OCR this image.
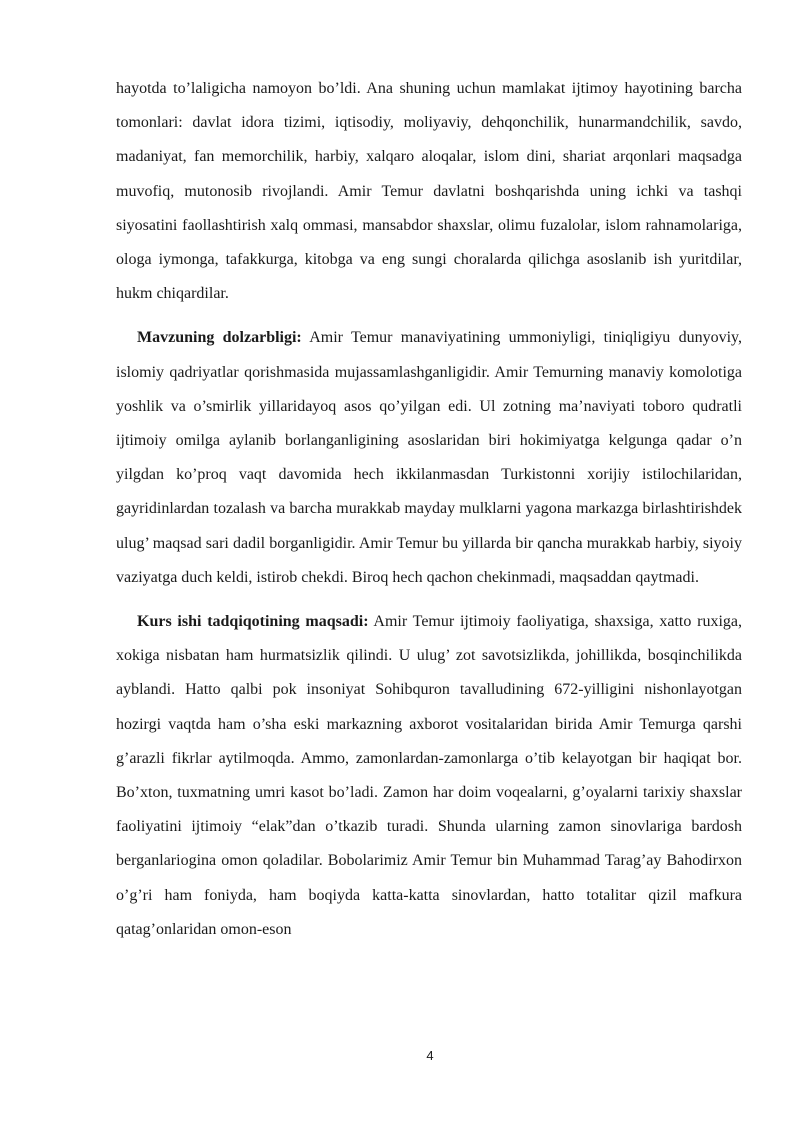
hayotda to’laligicha namoyon bo’ldi. Ana shuning uchun mamlakat ijtimoy hayotining barcha tomonlari: davlat idora tizimi, iqtisodiy, moliyaviy, dehqonchilik, hunarmandchilik, savdo, madaniyat, fan memorchilik, harbiy, xalqaro aloqalar, islom dini, shariat arqonlari maqsadga muvofiq, mutonosib rivojlandi. Amir Temur davlatni boshqarishda uning ichki va tashqi siyosatini faollashtirish xalq ommasi, mansabdor shaxslar, olimu fuzalolar, islom rahnamolariga, ologa iymonga, tafakkurga, kitobga va eng sungi choralarda qilichga asoslanib ish yuritdilar, hukm chiqardilar.

Mavzuning dolzarbligi: Amir Temur manaviyatining ummoniyligi, tiniqligiyu dunyoviy, islomiy qadriyatlar qorishmasida mujassamlashganligidir. Amir Temurning manaviy komolotiga yoshlik va o’smirlik yillaridayoq asos qo’yilgan edi. Ul zotning ma’naviyati toboro qudratli ijtimoiy omilga aylanib borlanganligining asoslaridan biri hokimiyatga kelgunga qadar o’n yilgdan ko’proq vaqt davomida hech ikkilanmasdan Turkistonni xorijiy istilochilaridan, gayridinlardan tozalash va barcha murakkab mayday mulklarni yagona markazga birlashtirishdek ulug’ maqsad sari dadil borganligidir. Amir Temur bu yillarda bir qancha murakkab harbiy, siyoiy vaziyatga duch keldi, istirob chekdi. Biroq hech qachon chekinmadi, maqsaddan qaytmadi.

Kurs ishi tadqiqotining maqsadi: Amir Temur ijtimoiy faoliyatiga, shaxsiga, xatto ruxiga, xokiga nisbatan ham hurmatsizlik qilindi. U ulug’ zot savotsizlikda, johillikda, bosqinchilikda ayblandi. Hatto qalbi pok insoniyat Sohibquron tavalludining 672-yilligini nishonlayotgan hozirgi vaqtda ham o’sha eski markazning axborot vositalaridan birida Amir Temurga qarshi g’arazli fikrlar aytilmoqda. Ammo, zamonlardan-zamonlarga o’tib kelayotgan bir haqiqat bor. Bo’xton, tuxmatning umri kasot bo’ladi. Zamon har doim voqealarni, g’oyalarni tarixiy shaxslar faoliyatini ijtimoiy “elak”dan o’tkazib turadi. Shunda ularning zamon sinovlariga bardosh berganlariogina omon qoladilar. Bobolarimiz Amir Temur bin Muhammad Tarag’ay Bahodirxon o’g’ri ham foniyda, ham boqiyda katta-katta sinovlardan, hatto totalitar qizil mafkura qatag’onlaridan omon-eson

4
